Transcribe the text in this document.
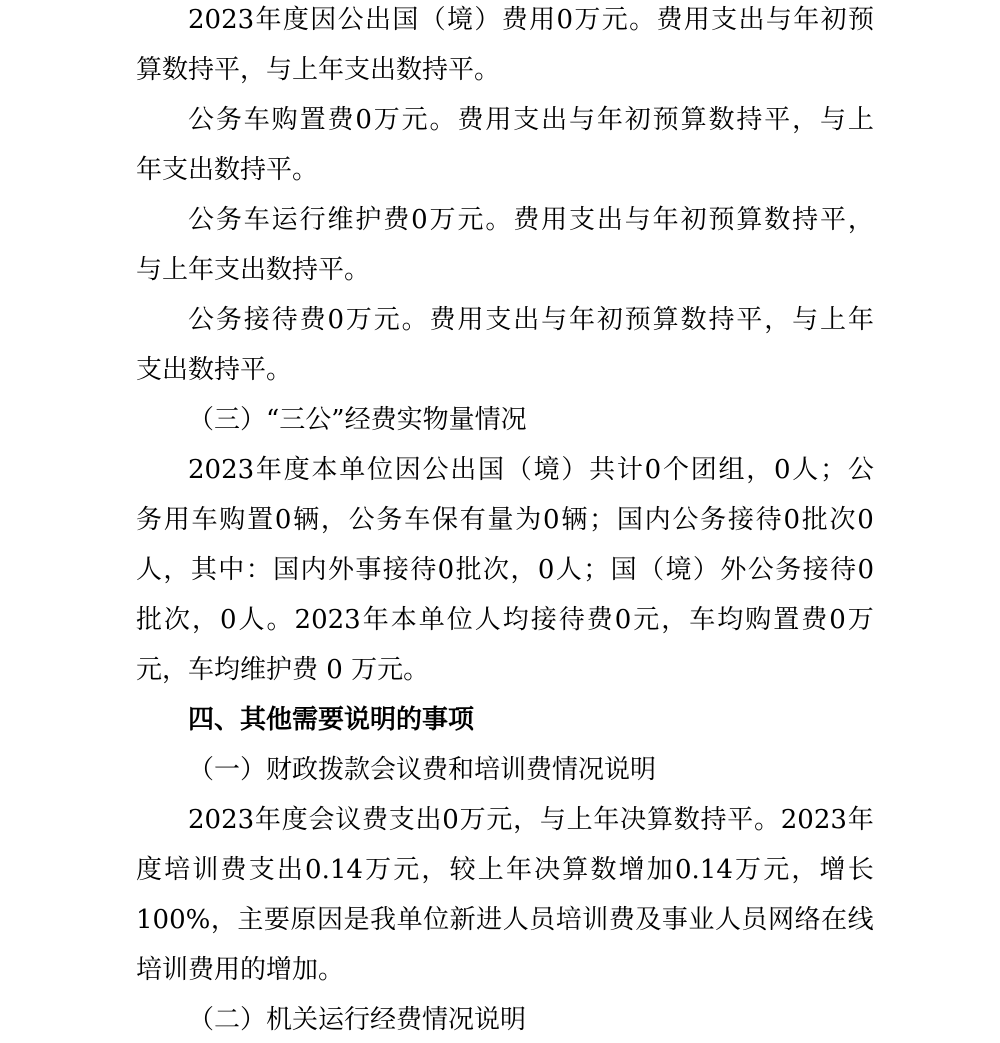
2023 年 度 因 公 出 国 （ 境 ） 费 用 0 万 元 。 费 用 支 出 与 年 初 预
算数持平，与上年支出数持平。
公 务 车 购 置 费 0 万 元 。 费 用 支 出 与 年 初 预 算 数 持 平 ， 与 上
年支出数持平。
公 务 车 运 行 维 护 费 0 万 元 。 费 用 支 出 与 年 初 预 算 数 持 平 ，
与上年支出数持平。
公 务 接 待 费 0 万 元 。 费 用 支 出 与 年 初 预 算 数 持 平 ， 与 上 年
支出数持平。
（三）“三公”经费实物量情况
2023 年 度 本 单 位 因 公 出 国 （ 境 ） 共 计 0 个 团 组 ， 0 人 ； 公
务 用 车 购 置 0 辆 ， 公 务 车 保 有 量 为 0 辆 ； 国 内 公 务 接 待 0 批 次 0
人 ， 其 中 ： 国 内 外 事 接 待 0 批 次 ， 0 人 ； 国 （ 境 ） 外 公 务 接 待 0
批 次 ， 0 人 。 2023 年 本 单 位 人 均 接 待 费 0 元 ， 车 均 购 置 费 0 万
元，车均维护费 0 万元。
四、其他需要说明的事项
（一）财政拨款会议费和培训费情况说明
2023 年 度 会 议 费 支 出 0 万 元 ， 与 上 年 决 算 数 持 平 。 2023 年
度 培 训 费 支 出 0.14 万 元 ， 较 上 年 决 算 数 增 加 0.14 万 元 ， 增 长
100% ， 主 要 原 因 是 我 单 位 新 进 人 员 培 训 费 及 事 业 人 员 网 络 在 线
培训费用的增加。
（二）机关运行经费情况说明
